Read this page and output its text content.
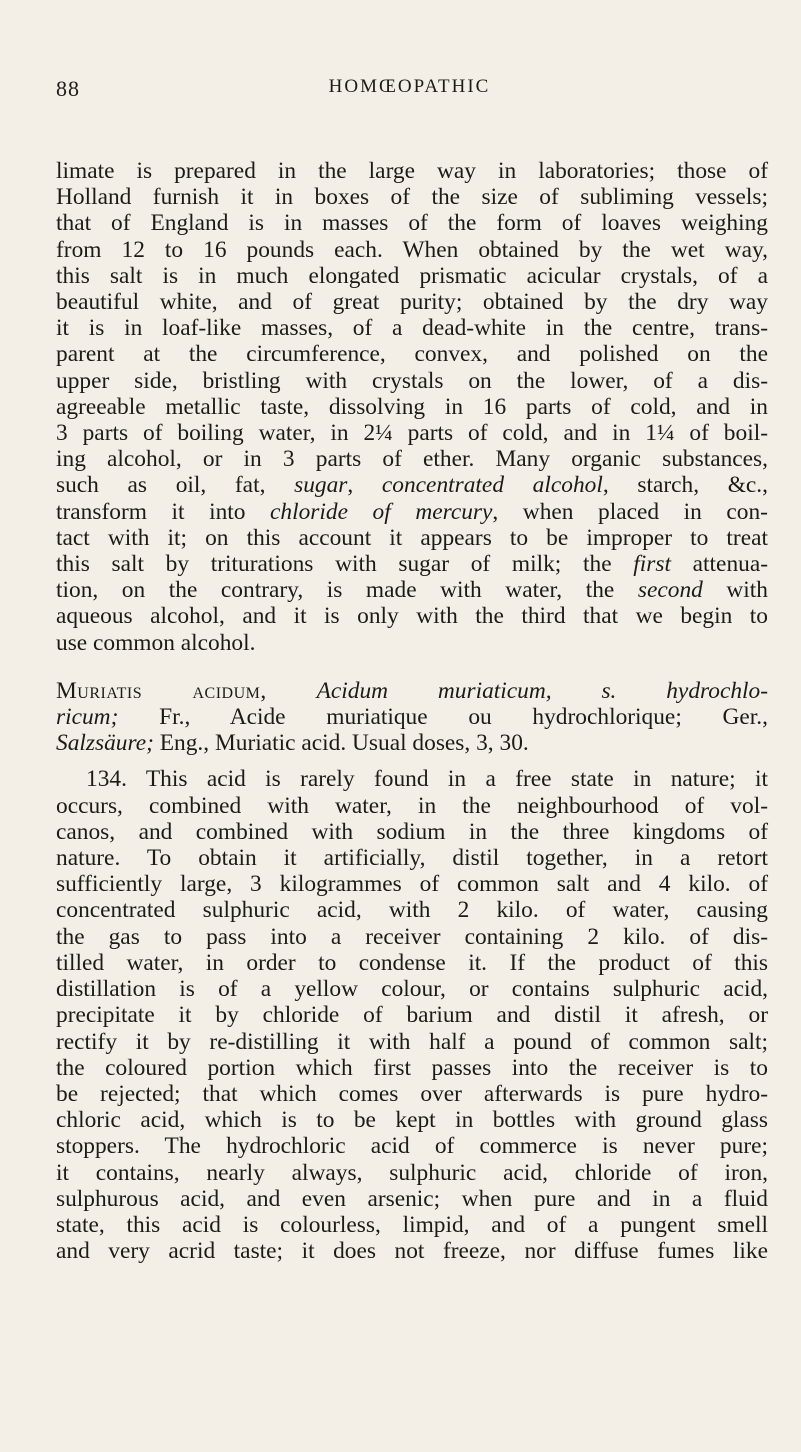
88	HOMŒOPATHIC
limate is prepared in the large way in laboratories; those of
Holland furnish it in boxes of the size of subliming vessels;
that of England is in masses of the form of loaves weighing
from 12 to 16 pounds each. When obtained by the wet way,
this salt is in much elongated prismatic acicular crystals, of a
beautiful white, and of great purity; obtained by the dry way
it is in loaf-like masses, of a dead-white in the centre, trans-
parent at the circumference, convex, and polished on the
upper side, bristling with crystals on the lower, of a dis-
agreeable metallic taste, dissolving in 16 parts of cold, and in
3 parts of boiling water, in 2¼ parts of cold, and in 1¼ of boil-
ing alcohol, or in 3 parts of ether. Many organic substances,
such as oil, fat, sugar, concentrated alcohol, starch, &c.,
transform it into chloride of mercury, when placed in con-
tact with it; on this account it appears to be improper to treat
this salt by triturations with sugar of milk; the first attenua-
tion, on the contrary, is made with water, the second with
aqueous alcohol, and it is only with the third that we begin to
use common alcohol.
Muriatis acidum, Acidum muriaticum, s. hydrochlo-
ricum; Fr., Acide muriatique ou hydrochlorique; Ger.,
Salzsäure; Eng., Muriatic acid. Usual doses, 3, 30.
134. This acid is rarely found in a free state in nature; it
occurs, combined with water, in the neighbourhood of vol-
canos, and combined with sodium in the three kingdoms of
nature. To obtain it artificially, distil together, in a retort
sufficiently large, 3 kilogrammes of common salt and 4 kilo. of
concentrated sulphuric acid, with 2 kilo. of water, causing
the gas to pass into a receiver containing 2 kilo. of dis-
tilled water, in order to condense it. If the product of this
distillation is of a yellow colour, or contains sulphuric acid,
precipitate it by chloride of barium and distil it afresh, or
rectify it by re-distilling it with half a pound of common salt;
the coloured portion which first passes into the receiver is to
be rejected; that which comes over afterwards is pure hydro-
chloric acid, which is to be kept in bottles with ground glass
stoppers. The hydrochloric acid of commerce is never pure;
it contains, nearly always, sulphuric acid, chloride of iron,
sulphurous acid, and even arsenic; when pure and in a fluid
state, this acid is colourless, limpid, and of a pungent smell
and very acrid taste; it does not freeze, nor diffuse fumes like
